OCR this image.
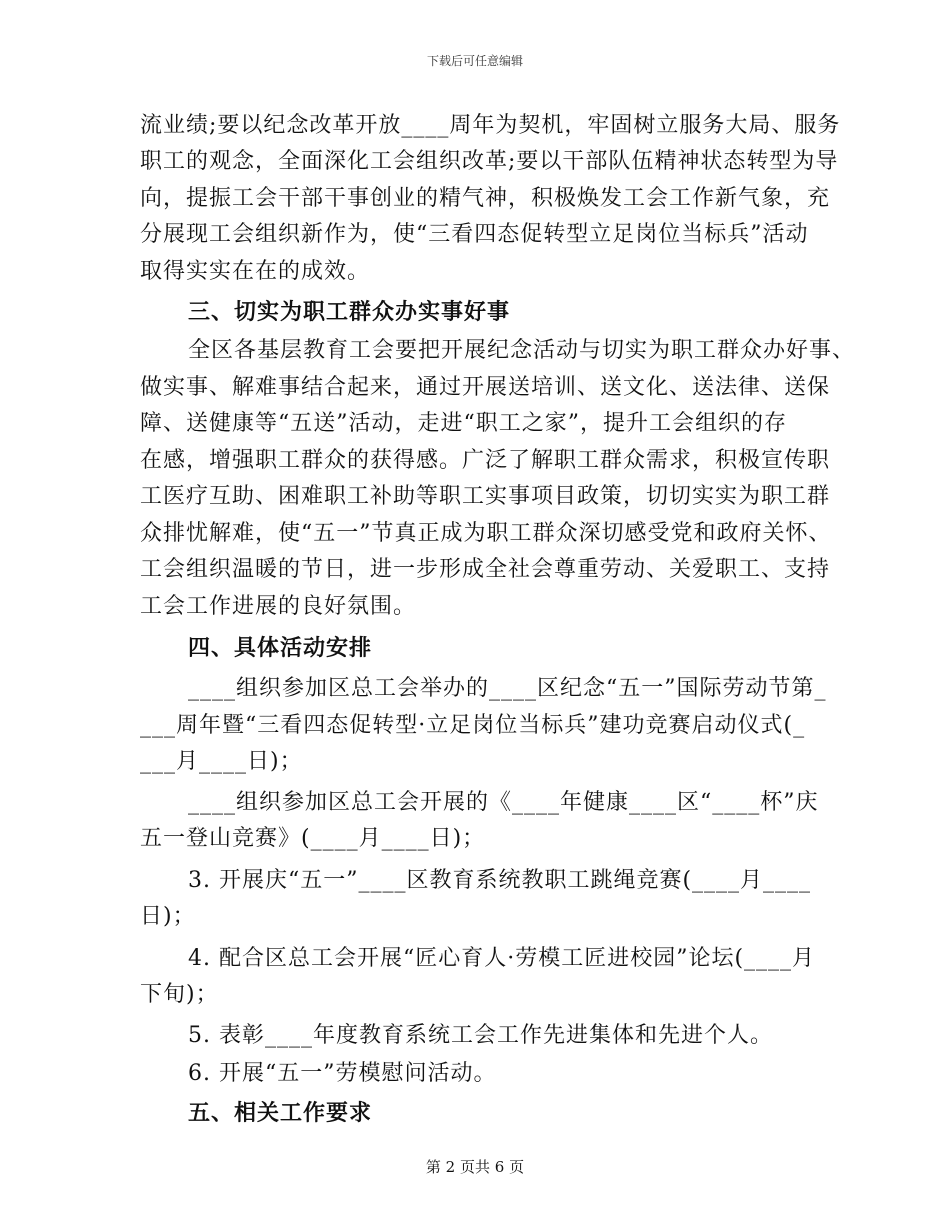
下载后可任意编辑
流业绩;要以纪念改革开放____周年为契机，牢固树立服务大局、服务
职工的观念，全面深化工会组织改革;要以干部队伍精神状态转型为导
向，提振工会干部干事创业的精气神，积极焕发工会工作新气象，充
分展现工会组织新作为，使“三看四态促转型立足岗位当标兵”活动
取得实实在在的成效。
三、切实为职工群众办实事好事
全区各基层教育工会要把开展纪念活动与切实为职工群众办好事、
做实事、解难事结合起来，通过开展送培训、送文化、送法律、送保
障、送健康等“五送”活动，走进“职工之家”，提升工会组织的存
在感，增强职工群众的获得感。广泛了解职工群众需求，积极宣传职
工医疗互助、困难职工补助等职工实事项目政策，切切实实为职工群
众排忧解难，使“五一”节真正成为职工群众深切感受党和政府关怀、
工会组织温暖的节日，进一步形成全社会尊重劳动、关爱职工、支持
工会工作进展的良好氛围。
四、具体活动安排
____组织参加区总工会举办的____区纪念“五一”国际劳动节第_
___周年暨“三看四态促转型·立足岗位当标兵”建功竞赛启动仪式(_
___月____日)；
____组织参加区总工会开展的《____年健康____区“____杯”庆
五一登山竞赛》(____月____日)；
3. 开展庆“五一”____区教育系统教职工跳绳竞赛(____月____
日)；
4. 配合区总工会开展“匠心育人·劳模工匠进校园”论坛(____月
下旬)；
5. 表彰____年度教育系统工会工作先进集体和先进个人。
6. 开展“五一”劳模慰问活动。
五、相关工作要求
第 2 页共 6 页
